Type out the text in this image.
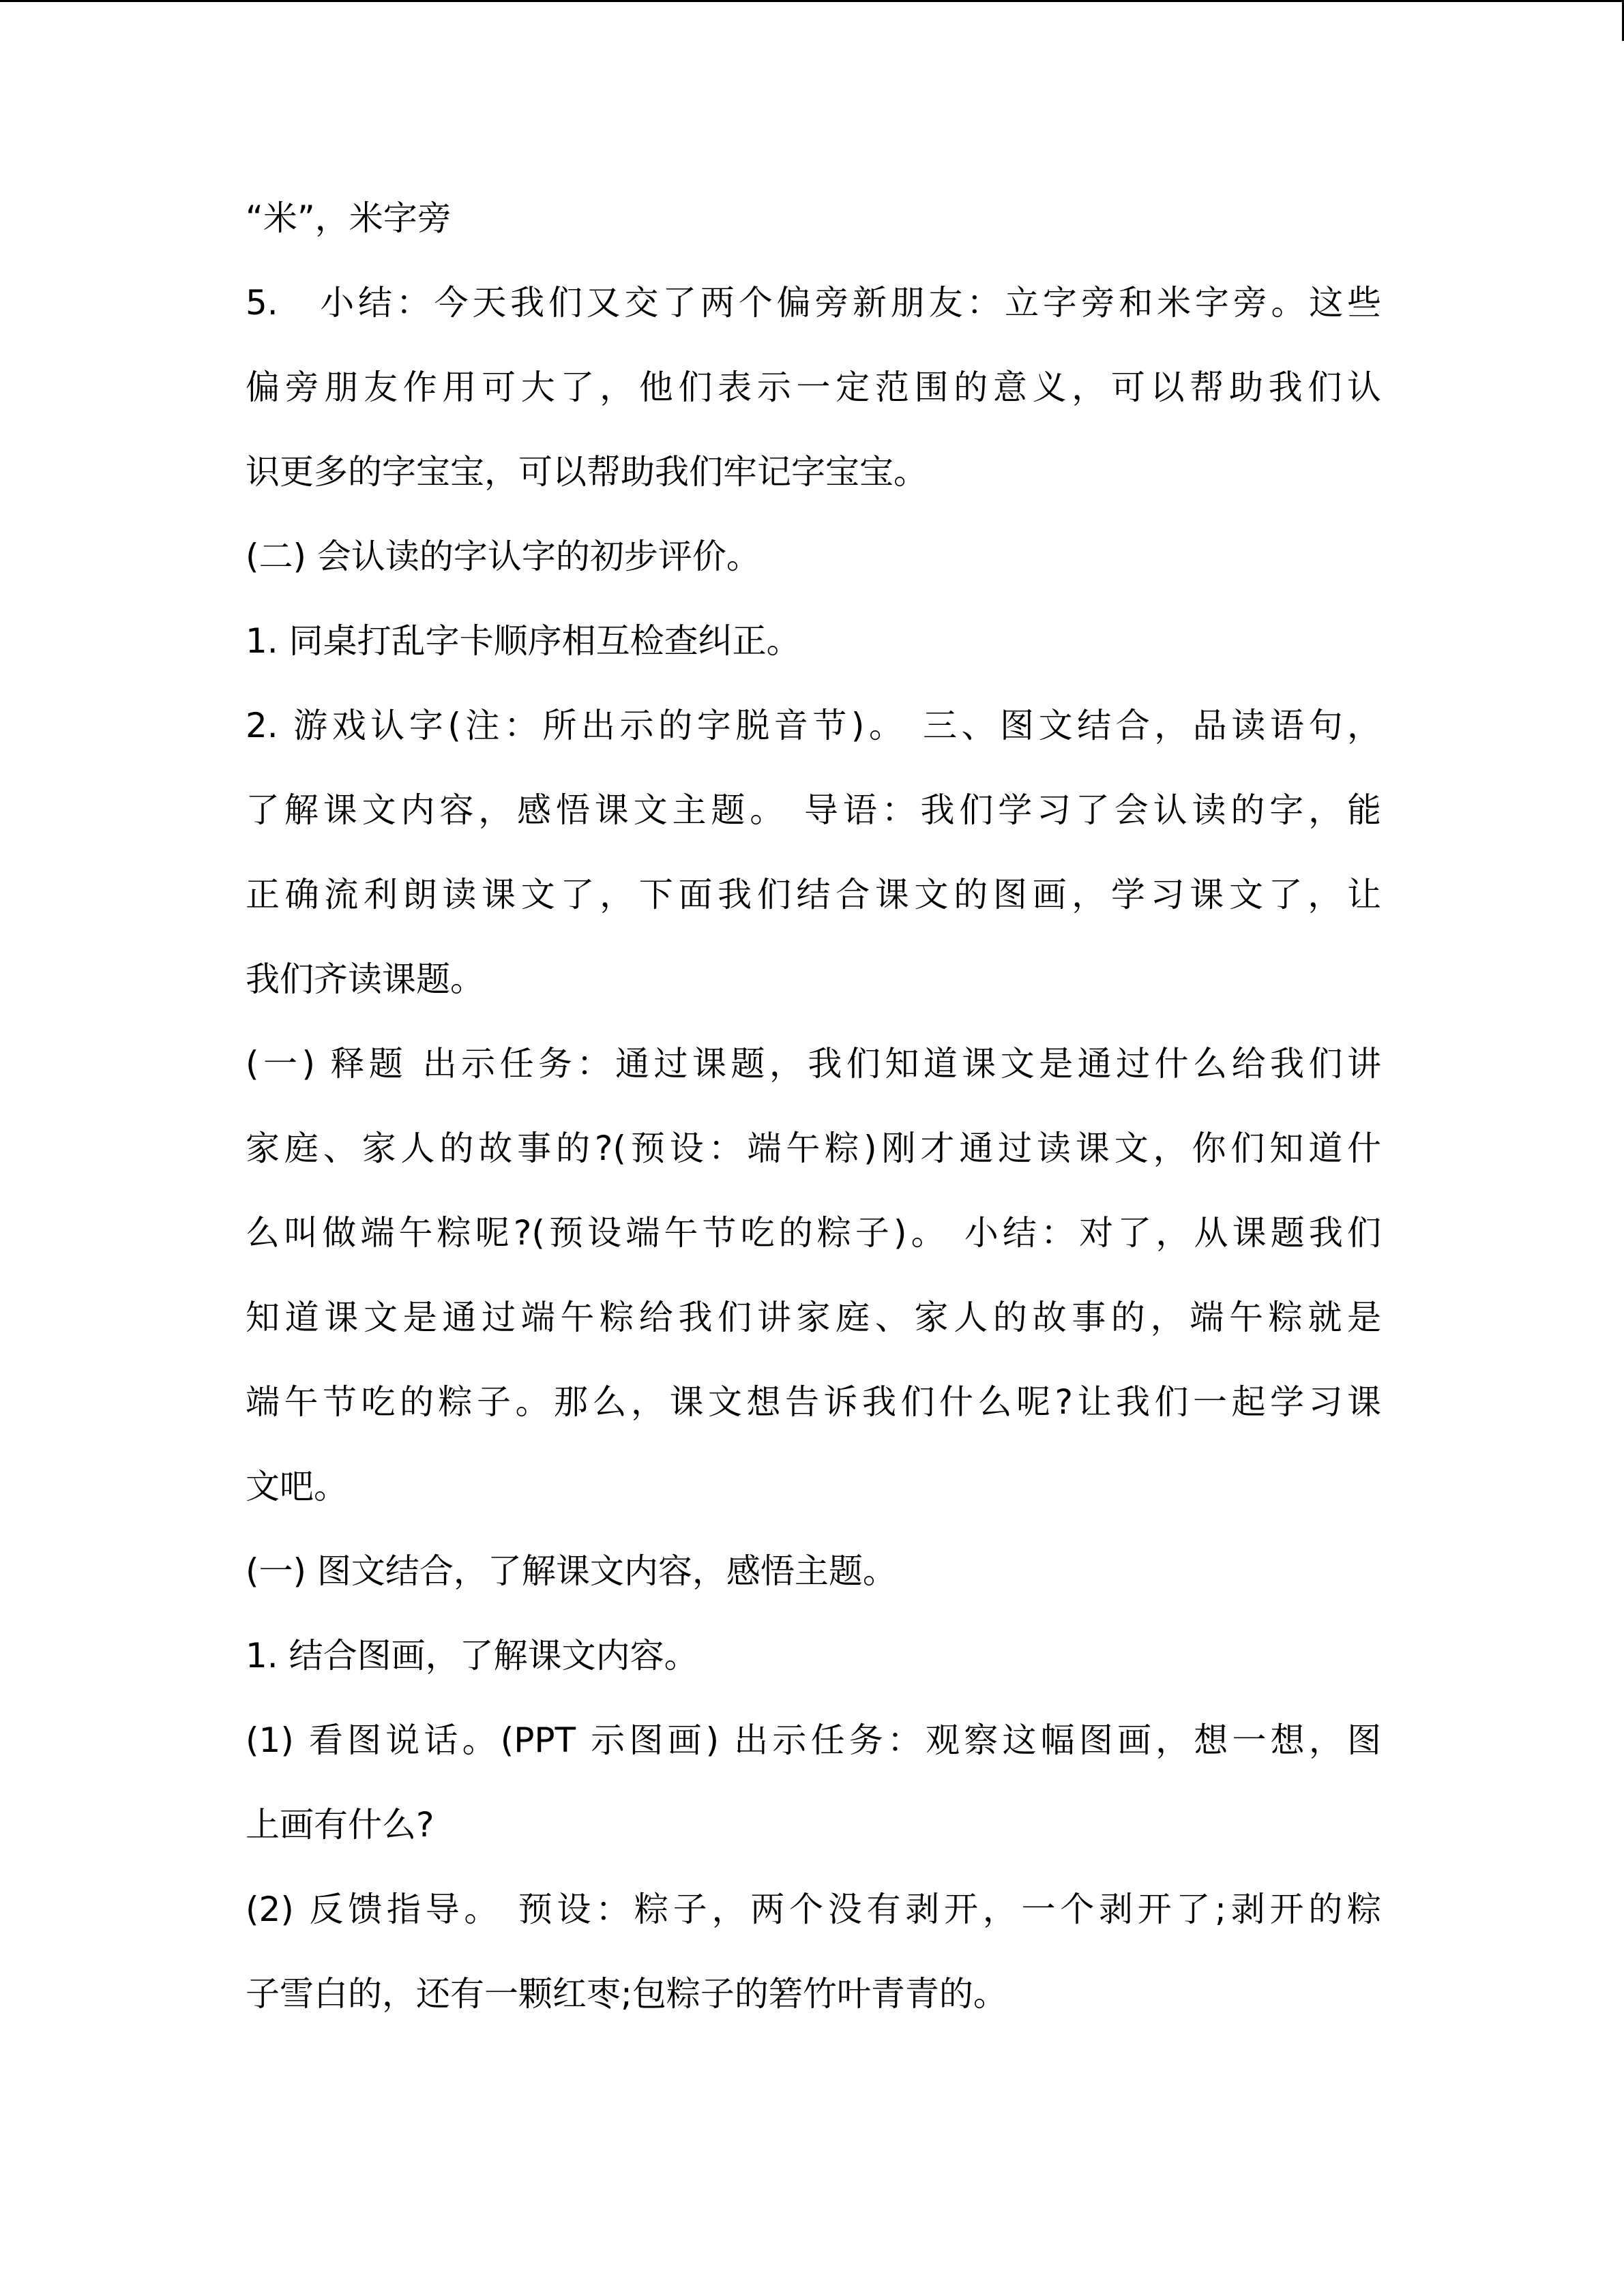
“米”，米字旁
5.　小结：今天我们又交了两个偏旁新朋友：立字旁和米字旁。这些
偏旁朋友作用可大了，他们表示一定范围的意义，可以帮助我们认
识更多的字宝宝，可以帮助我们牢记字宝宝。
(二) 会认读的字认字的初步评价。
1. 同桌打乱字卡顺序相互检查纠正。
2. 游戏认字(注：所出示的字脱音节)。 三、图文结合，品读语句，
了解课文内容，感悟课文主题。 导语：我们学习了会认读的字，能
正确流利朗读课文了，下面我们结合课文的图画，学习课文了，让
我们齐读课题。
(一) 释题 出示任务：通过课题，我们知道课文是通过什么给我们讲
家庭、家人的故事的?(预设：端午粽)刚才通过读课文，你们知道什
么叫做端午粽呢?(预设端午节吃的粽子)。 小结：对了，从课题我们
知道课文是通过端午粽给我们讲家庭、家人的故事的，端午粽就是
端午节吃的粽子。那么，课文想告诉我们什么呢?让我们一起学习课
文吧。
(一) 图文结合，了解课文内容，感悟主题。
1. 结合图画，了解课文内容。
(1) 看图说话。(PPT 示图画) 出示任务：观察这幅图画，想一想，图
上画有什么?
(2) 反馈指导。 预设：粽子，两个没有剥开，一个剥开了;剥开的粽
子雪白的，还有一颗红枣;包粽子的箬竹叶青青的。
